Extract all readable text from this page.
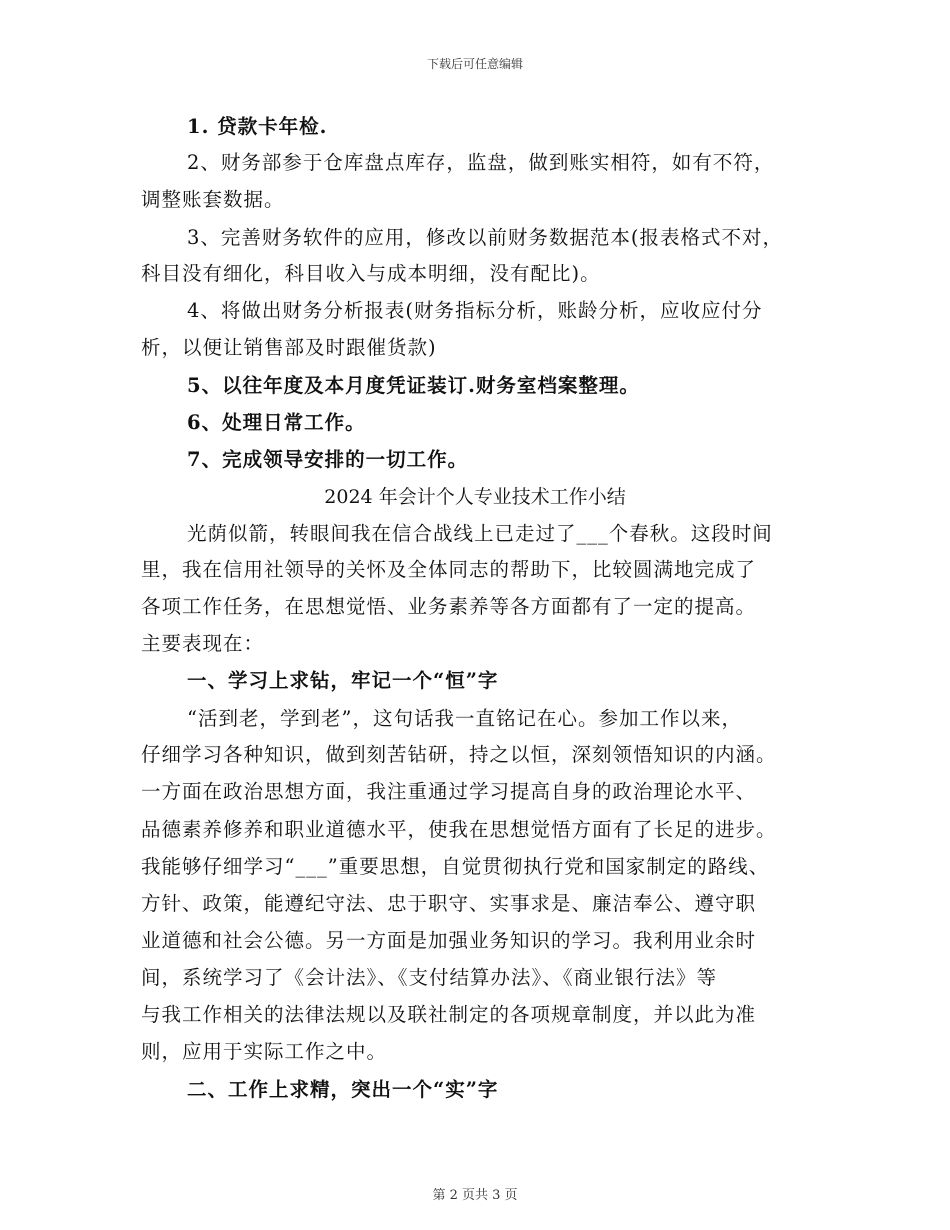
下载后可任意编辑
2024 年会计个人专业技术工作小结
1. 贷款卡年检.
2、财务部参于仓库盘点库存，监盘，做到账实相符，如有不符，
调整账套数据。
3、完善财务软件的应用，修改以前财务数据范本(报表格式不对，
科目没有细化，科目收入与成本明细，没有配比)。
4、将做出财务分析报表(财务指标分析，账龄分析，应收应付分
析，以便让销售部及时跟催货款)
5、以往年度及本月度凭证装订.财务室档案整理。
6、处理日常工作。
7、完成领导安排的一切工作。
光荫似箭，转眼间我在信合战线上已走过了___个春秋。这段时间
里，我在信用社领导的关怀及全体同志的帮助下，比较圆满地完成了
各项工作任务，在思想觉悟、业务素养等各方面都有了一定的提高。
主要表现在：
一、学习上求钻，牢记一个“恒”字
“活到老，学到老”，这句话我一直铭记在心。参加工作以来，
仔细学习各种知识，做到刻苦钻研，持之以恒，深刻领悟知识的内涵。
一方面在政治思想方面，我注重通过学习提高自身的政治理论水平、
品德素养修养和职业道德水平，使我在思想觉悟方面有了长足的进步。
我能够仔细学习“___”重要思想，自觉贯彻执行党和国家制定的路线、
方针、政策，能遵纪守法、忠于职守、实事求是、廉洁奉公、遵守职
业道德和社会公德。另一方面是加强业务知识的学习。我利用业余时
间，系统学习了《会计法》、《支付结算办法》、《商业银行法》等
与我工作相关的法律法规以及联社制定的各项规章制度，并以此为准
则，应用于实际工作之中。
二、工作上求精，突出一个“实”字
第 2 页共 3 页
